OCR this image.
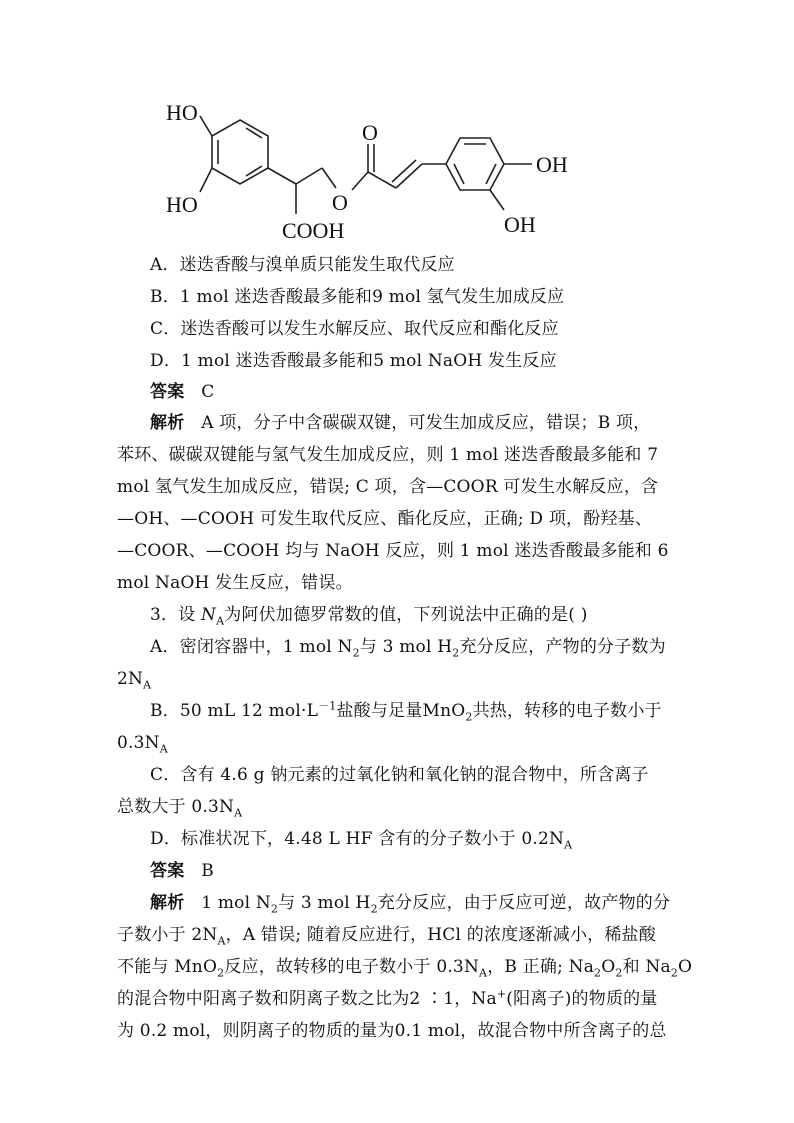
HO
HO
COOH
O
O
OH
OH
A．迷迭香酸与溴单质只能发生取代反应
B．1 mol 迷迭香酸最多能和9 mol 氢气发生加成反应
C．迷迭香酸可以发生水解反应、取代反应和酯化反应
D．1 mol 迷迭香酸最多能和5 mol NaOH 发生反应
答案 C
解析 A 项，分子中含碳碳双键，可发生加成反应，错误；B 项，
苯环、碳碳双键能与氢气发生加成反应，则 1 mol 迷迭香酸最多能和 7
mol 氢气发生加成反应，错误; C 项，含—COOR 可发生水解反应，含
—OH、—COOH 可发生取代反应、酯化反应，正确; D 项，酚羟基、
—COOR、—COOH 均与 NaOH 反应，则 1 mol 迷迭香酸最多能和 6
mol NaOH 发生反应，错误。
3．设 $N_A$为阿伏加德罗常数的值，下列说法中正确的是( )
A．密闭容器中，1 mol $N_2$与 3 mol $H_2$充分反应，产物的分子数为
$2N_A$
B．50 mL 12 $mol\cdot L^{-1}$盐酸与足量MnO$_2$共热，转移的电子数小于
$0.3N_A$
C．含有 4.6 g 钠元素的过氧化钠和氧化钠的混合物中，所含离子
总数大于 $0.3N_A$
D．标准状况下，4.48 L HF 含有的分子数小于 $0.2N_A$
答案 B
解析 1 mol $N_2$与 3 mol $H_2$充分反应，由于反应可逆，故产物的分
子数小于 $2N_A$，A 错误; 随着反应进行，HCl 的浓度逐渐减小，稀盐酸
不能与 MnO$_2$反应，故转移的电子数小于 $0.3N_A$，B 正确; $Na_2O_2$和 $Na_2O$
的混合物中阳离子数和阴离子数之比为2 ∶1，Na+(阳离子)的物质的量
为 0.2 mol，则阴离子的物质的量为0.1 mol，故混合物中所含离子的总
